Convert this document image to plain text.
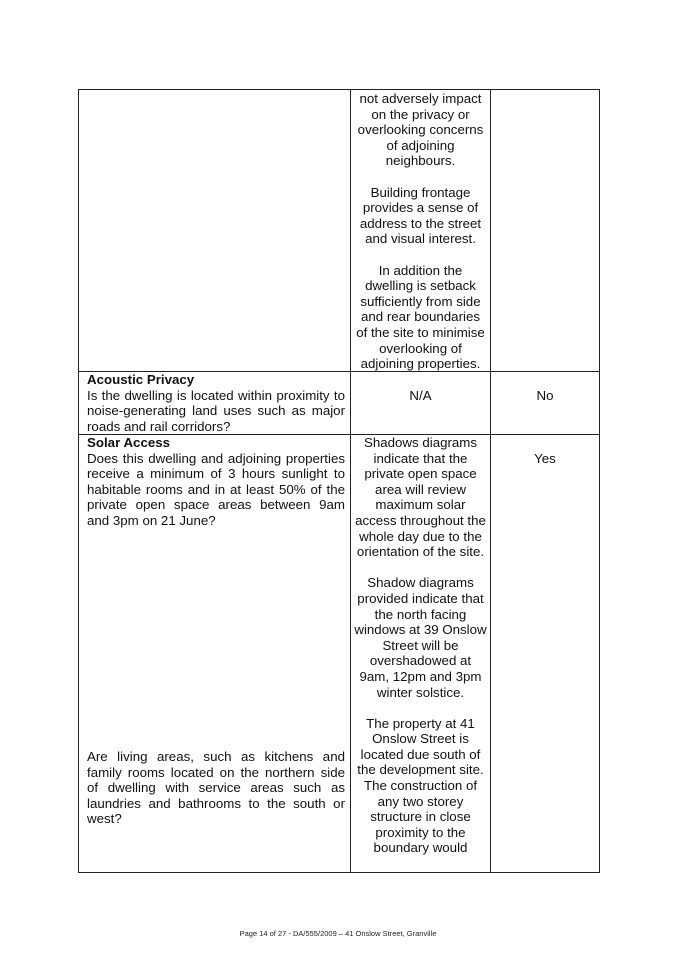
not adversely impact on the privacy or overlooking concerns of adjoining neighbours.

Building frontage provides a sense of address to the street and visual interest.

In addition the dwelling is setback sufficiently from side and rear boundaries of the site to minimise overlooking of adjoining properties.

Acoustic Privacy
Is the dwelling is located within proximity to noise-generating land uses such as major roads and rail corridors?
N/A	No
Solar Access
Does this dwelling and adjoining properties receive a minimum of 3 hours sunlight to habitable rooms and in at least 50% of the private open space areas between 9am and 3pm on 21 June?
Are living areas, such as kitchens and family rooms located on the northern side of dwelling with service areas such as laundries and bathrooms to the south or west?

Shadows diagrams indicate that the private open space area will review maximum solar access throughout the whole day due to the orientation of the site.

Shadow diagrams provided indicate that the north facing windows at 39 Onslow Street will be overshadowed at 9am, 12pm and 3pm winter solstice.

The property at 41 Onslow Street is located due south of the development site. The construction of any two storey structure in close proximity to the boundary would

Yes
Page 14 of 27 - DA/555/2009 – 41 Onslow Street, Granville
